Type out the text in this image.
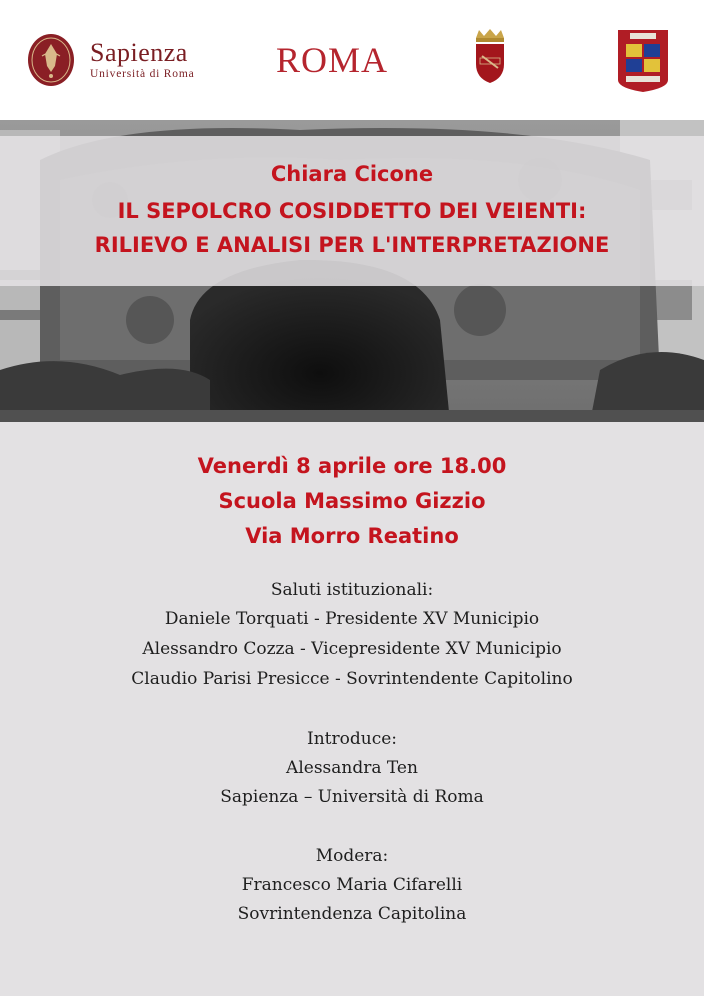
Sapienza
Università di Roma	ROMA
Chiara Cicone
IL SEPOLCRO COSIDDETTO DEI VEIENTI:
RILIEVO E ANALISI PER L'INTERPRETAZIONE
Venerdì 8 aprile ore 18.00
Scuola Massimo Gizzio
Via Morro Reatino
Saluti istituzionali:
Daniele Torquati - Presidente XV Municipio
Alessandro Cozza - Vicepresidente XV Municipio
Claudio Parisi Presicce - Sovrintendente Capitolino
Introduce:
Alessandra Ten
Sapienza – Università di Roma
Modera:
Francesco Maria Cifarelli
Sovrintendenza Capitolina
